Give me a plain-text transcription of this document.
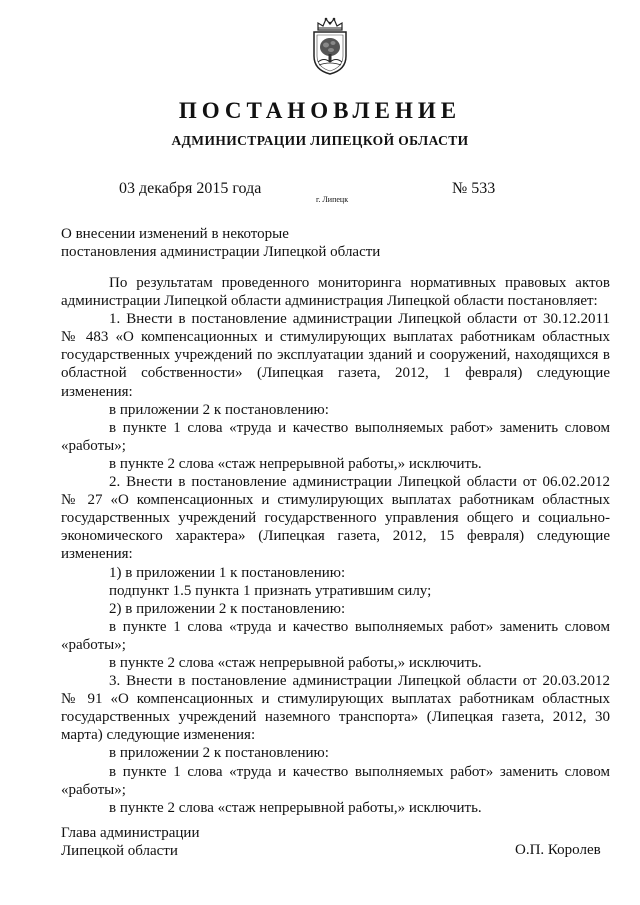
ПОСТАНОВЛЕНИЕ
АДМИНИСТРАЦИИ ЛИПЕЦКОЙ ОБЛАСТИ
03 декабря 2015 года
г. Липецк
№ 533
О внесении изменений в некоторые
постановления администрации Липецкой области

По результатам проведенного мониторинга нормативных правовых актов администрации Липецкой области администрация Липецкой области постановляет:

1. Внести в постановление администрации Липецкой области от 30.12.2011 № 483 «О компенсационных и стимулирующих выплатах работникам областных государственных учреждений по эксплуатации зданий и сооружений, находящихся в областной собственности» (Липецкая газета, 2012, 1 февраля) следующие изменения:

в приложении 2 к постановлению:

в пункте 1 слова «труда и качество выполняемых работ» заменить словом «работы»;

в пункте 2 слова «стаж непрерывной работы,» исключить.

2. Внести в постановление администрации Липецкой области от 06.02.2012 № 27 «О компенсационных и стимулирующих выплатах работникам областных государственных учреждений государственного управления общего и социально-экономического характера» (Липецкая газета, 2012, 15 февраля) следующие изменения:

1) в приложении 1 к постановлению:

подпункт 1.5 пункта 1 признать утратившим силу;

2) в приложении 2 к постановлению:

в пункте 1 слова «труда и качество выполняемых работ» заменить словом «работы»;

в пункте 2 слова «стаж непрерывной работы,» исключить.

3. Внести в постановление администрации Липецкой области от 20.03.2012 № 91 «О компенсационных и стимулирующих выплатах работникам областных государственных учреждений наземного транспорта» (Липецкая газета, 2012, 30 марта) следующие изменения:

в приложении 2 к постановлению:

в пункте 1 слова «труда и качество выполняемых работ» заменить словом «работы»;

в пункте 2 слова «стаж непрерывной работы,» исключить.

Глава администрации
Липецкой области	О.П. Королев
